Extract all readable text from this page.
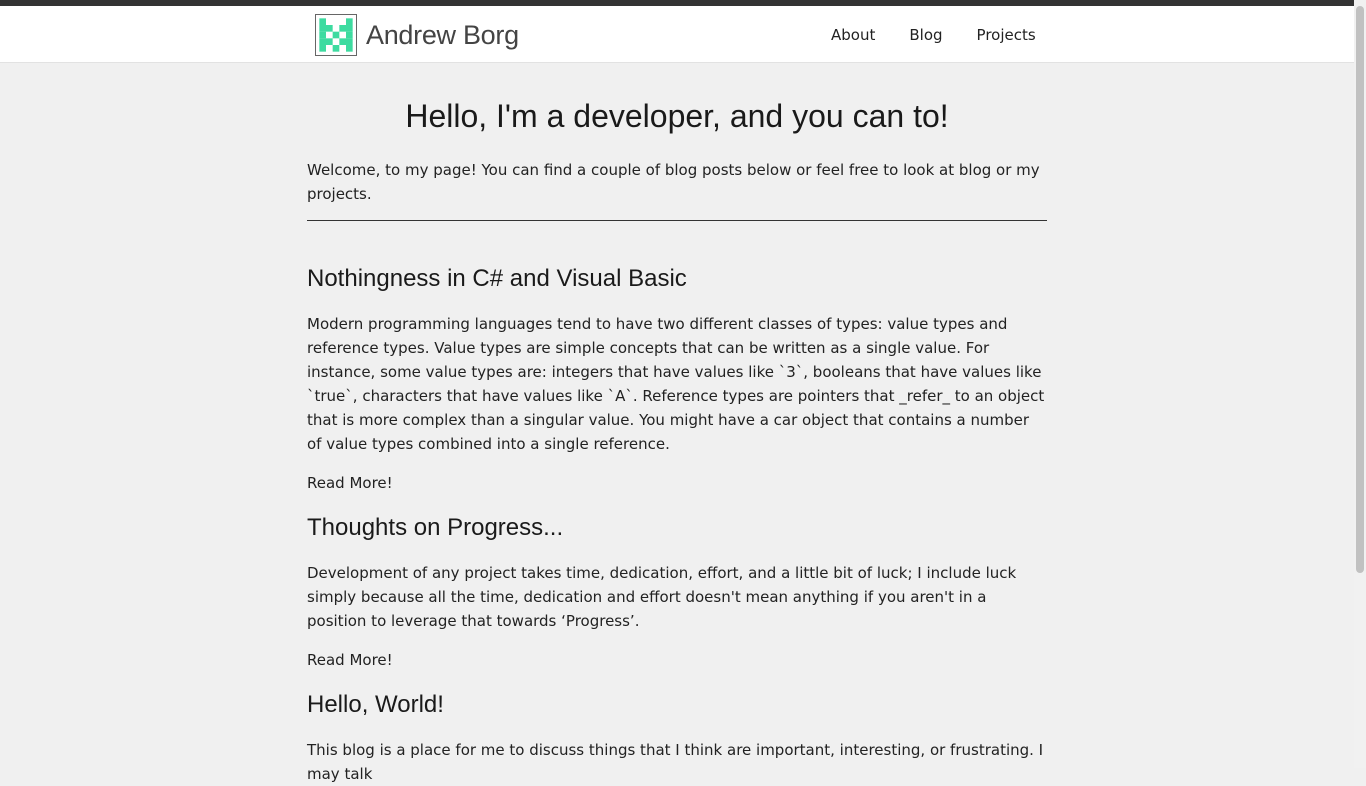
Andrew Borg	About Blog Projects
Hello, I'm a developer, and you can to!

Welcome, to my page! You can find a couple of blog posts below or feel free to look at blog or my projects.

Nothingness in C# and Visual Basic

Modern programming languages tend to have two different classes of types: value types and reference types. Value types are simple concepts that can be written as a single value. For instance, some value types are: integers that have values like `3`, booleans that have values like `true`, characters that have values like `A`. Reference types are pointers that _refer_ to an object that is more complex than a singular value. You might have a car object that contains a number of value types combined into a single reference.

Read More!
Thoughts on Progress...

Development of any project takes time, dedication, effort, and a little bit of luck; I include luck simply because all the time, dedication and effort doesn't mean anything if you aren't in a position to leverage that towards ‘Progress’.

Read More!
Hello, World!

This blog is a place for me to discuss things that I think are important, interesting, or frustrating. I may talk
